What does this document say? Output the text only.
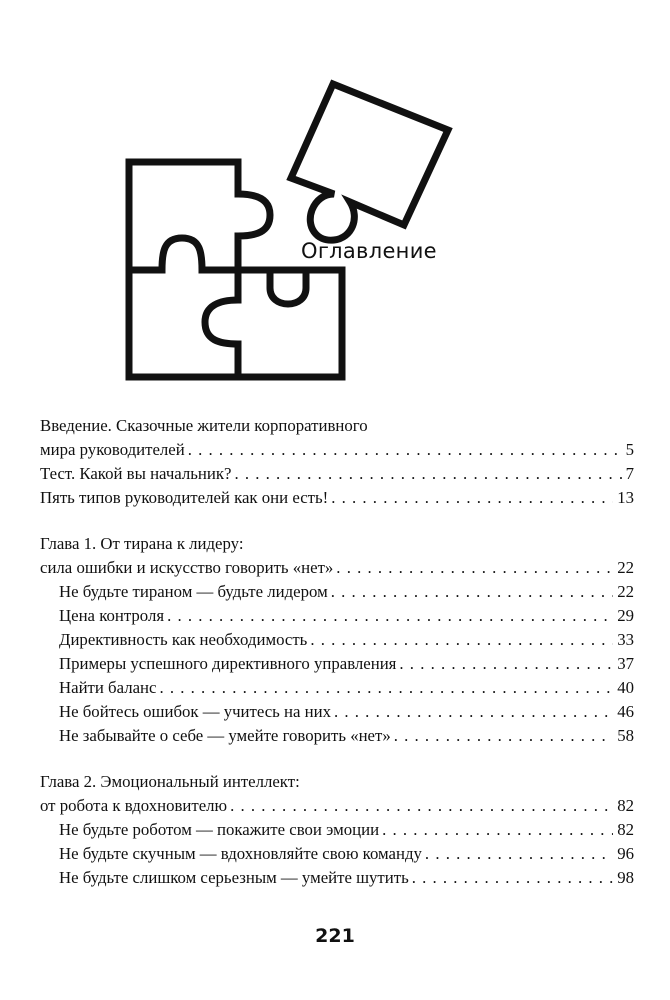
Оглавление
Введение. Сказочные жители корпоративного
мира руководителей . . .	5
Тест. Какой вы начальник? . . .	7
Пять типов руководителей как они есть! . . .	13
Глава 1. От тирана к лидеру:
сила ошибки и искусство говорить «нет» . . .	22
Не будьте тираном — будьте лидером . . .	22
Цена контроля . . .	29
Директивность как необходимость . . .	33
Примеры успешного директивного управления . . .	37
Найти баланс . . .	40
Не бойтесь ошибок — учитесь на них . . .	46
Не забывайте о себе — умейте говорить «нет» . . .	58
Глава 2. Эмоциональный интеллект:
от робота к вдохновителю . . .	82
Не будьте роботом — покажите свои эмоции . . .	82
Не будьте скучным — вдохновляйте свою команду . . .	96
Не будьте слишком серьезным — умейте шутить . . .	98
221
